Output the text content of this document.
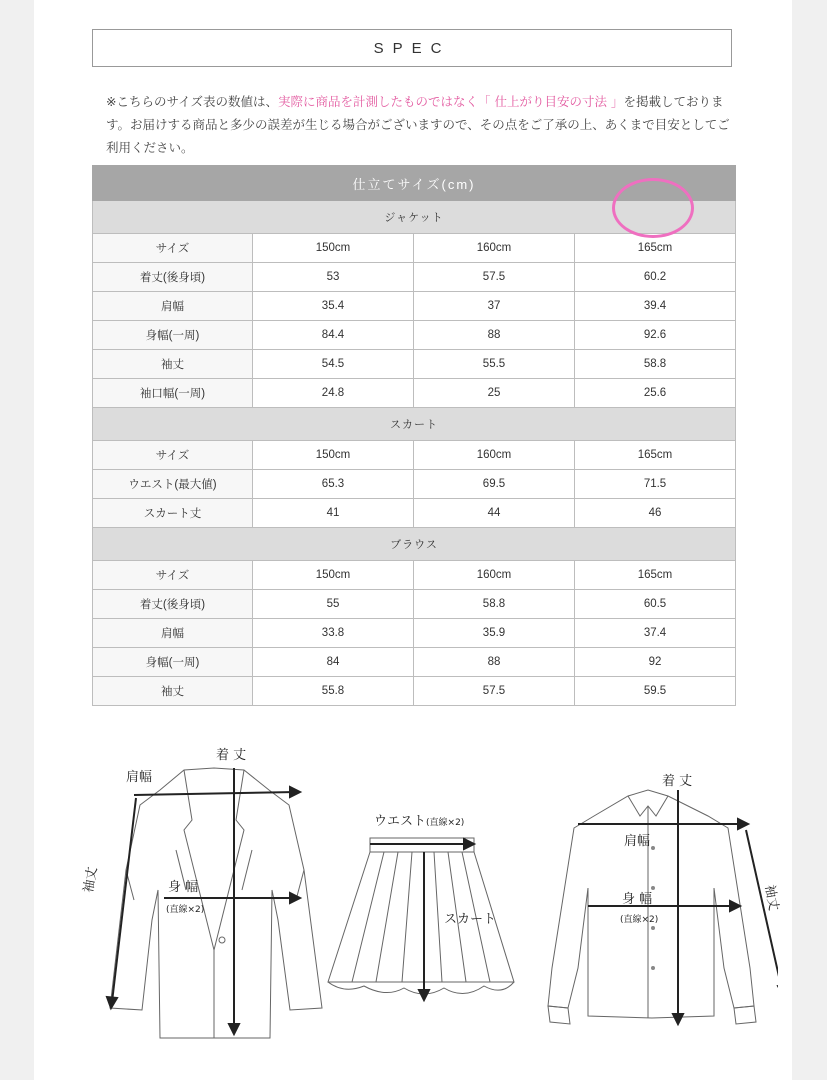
SPEC
※こちらのサイズ表の数値は、実際に商品を計測したものではなく「 仕上がり目安の寸法 」を掲載しております。お届けする商品と多少の誤差が生じる場合がございますので、その点をご了承の上、あくまで目安としてご利用ください。
仕立てサイズ(cm)			
ジャケット			
サイズ	150cm	160cm	165cm
着丈(後身頃)	53	57.5	60.2
肩幅	35.4	37	39.4
身幅(一周)	84.4	88	92.6
袖丈	54.5	55.5	58.8
袖口幅(一周)	24.8	25	25.6
スカート			
サイズ	150cm	160cm	165cm
ウエスト(最大値)	65.3	69.5	71.5
スカート丈	41	44	46
ブラウス			
サイズ	150cm	160cm	165cm
着丈(後身頃)	55	58.8	60.5
肩幅	33.8	35.9	37.4
身幅(一周)	84	88	92
袖丈	55.8	57.5	59.5
着 丈
肩幅
袖丈	身 幅
(直線×2)
ウエスト(直線×2)
スカート
着 丈
肩幅
身 幅
(直線×2)
袖丈
